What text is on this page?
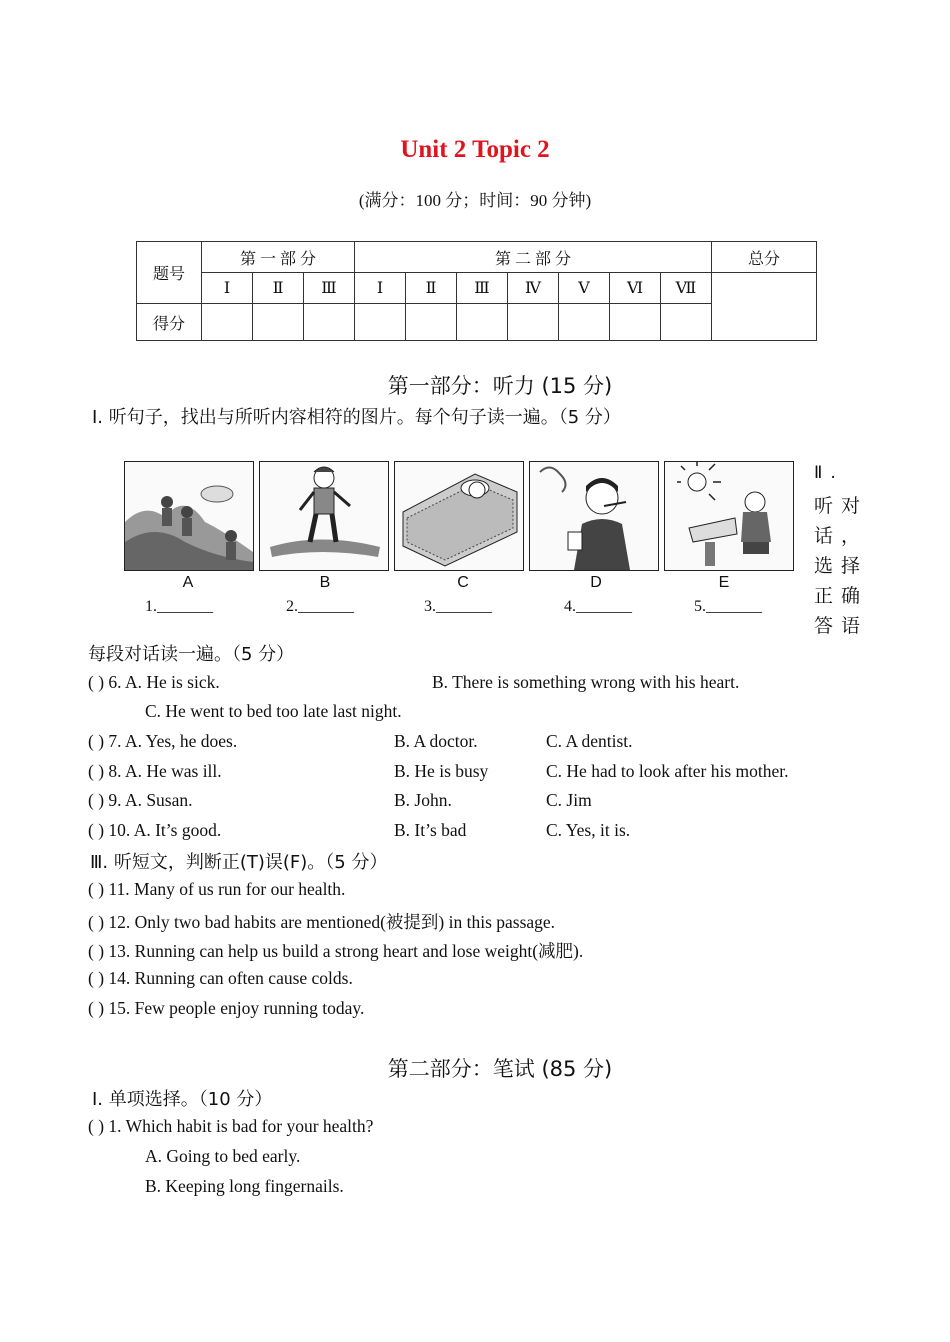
Unit 2 Topic 2
(满分：100 分；时间：90 分钟)
题号	第 一 部 分			第 二 部 分							总分
	Ⅰ	Ⅱ	Ⅲ	Ⅰ	Ⅱ	Ⅲ	Ⅳ	Ⅴ	Ⅵ	Ⅶ	
得分											
第一部分：听力 (15 分)
Ⅰ. 听句子，找出与所听内容相符的图片。每个句子读一遍。（5 分）
A	B	C	D	E
1._______	2._______	3._______	4._______	5._______
Ⅱ.
听对
话，
选择
正确
答语
每段对话读一遍。（5 分）
( ) 6. A. He is sick.	B. There is something wrong with his heart.
C. He went to bed too late last night.
( ) 7. A. Yes, he does.	B. A doctor.	C. A dentist.
( ) 8. A. He was ill.	B. He is busy	C. He had to look after his mother.
( ) 9. A. Susan.	B. John.	C. Jim
( ) 10. A. It’s good.	B. It’s bad	C. Yes, it is.
Ⅲ. 听短文，判断正(T)误(F)。（5 分）
( ) 11. Many of us run for our health.
( ) 12. Only two bad habits are mentioned(被提到) in this passage.
( ) 13. Running can help us build a strong heart and lose weight(减肥).
( ) 14. Running can often cause colds.
( ) 15. Few people enjoy running today.
第二部分：笔试 (85 分)
Ⅰ. 单项选择。（10 分）
( ) 1. Which habit is bad for your health?
A. Going to bed early.
B. Keeping long fingernails.
